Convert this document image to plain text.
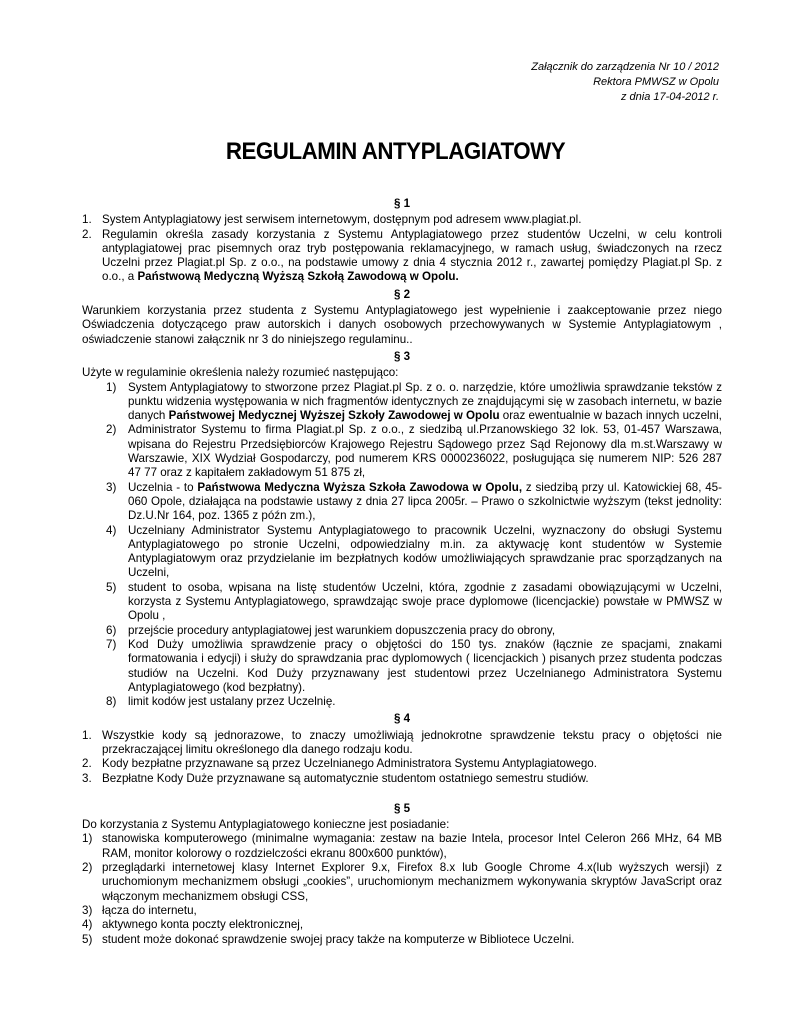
Załącznik do zarządzenia Nr 10 / 2012
Rektora PMWSZ w Opolu
z dnia 17-04-2012 r.
REGULAMIN ANTYPLAGIATOWY

§ 1

1. System Antyplagiatowy jest serwisem internetowym, dostępnym pod adresem www.plagiat.pl.
2. Regulamin określa zasady korzystania z Systemu Antyplagiatowego przez studentów Uczelni, w celu kontroli antyplagiatowej prac pisemnych oraz tryb postępowania reklamacyjnego, w ramach usług, świadczonych na rzecz Uczelni przez Plagiat.pl Sp. z o.o., na podstawie umowy z dnia 4 stycznia 2012 r., zawartej pomiędzy Plagiat.pl Sp. z o.o., a Państwową Medyczną Wyższą Szkołą Zawodową w Opolu.

§ 2

Warunkiem korzystania przez studenta z Systemu Antyplagiatowego jest wypełnienie i zaakceptowanie przez niego Oświadczenia dotyczącego praw autorskich i danych osobowych przechowywanych w Systemie Antyplagiatowym , oświadczenie stanowi załącznik nr 3 do niniejszego regulaminu..

§ 3

Użyte w regulaminie określenia należy rozumieć następująco:

1) System Antyplagiatowy to stworzone przez Plagiat.pl Sp. z o. o. narzędzie, które umożliwia sprawdzanie tekstów z punktu widzenia występowania w nich fragmentów identycznych ze znajdującymi się w zasobach internetu, w bazie danych Państwowej Medycznej Wyższej Szkoły Zawodowej w Opolu oraz ewentualnie w bazach innych uczelni,
2) Administrator Systemu to firma Plagiat.pl Sp. z o.o., z siedzibą ul.Przanowskiego 32 lok. 53, 01-457 Warszawa, wpisana do Rejestru Przedsiębiorców Krajowego Rejestru Sądowego przez Sąd Rejonowy dla m.st.Warszawy w Warszawie, XIX Wydział Gospodarczy, pod numerem KRS 0000236022, posługująca się numerem NIP: 526 287 47 77 oraz z kapitałem zakładowym 51 875 zł,
3) Uczelnia - to Państwowa Medyczna Wyższa Szkoła Zawodowa w Opolu, z siedzibą przy ul. Katowickiej 68, 45-060 Opole, działająca na podstawie ustawy z dnia 27 lipca 2005r. – Prawo o szkolnictwie wyższym (tekst jednolity: Dz.U.Nr 164, poz. 1365 z późn zm.),
4) Uczelniany Administrator Systemu Antyplagiatowego to pracownik Uczelni, wyznaczony do obsługi Systemu Antyplagiatowego po stronie Uczelni, odpowiedzialny m.in. za aktywację kont studentów w Systemie Antyplagiatowym oraz przydzielanie im bezpłatnych kodów umożliwiających sprawdzanie prac sporządzanych na Uczelni,
5) student to osoba, wpisana na listę studentów Uczelni, która, zgodnie z zasadami obowiązującymi w Uczelni, korzysta z Systemu Antyplagiatowego, sprawdzając swoje prace dyplomowe (licencjackie) powstałe w PMWSZ w Opolu ,
6) przejście procedury antyplagiatowej jest warunkiem dopuszczenia pracy do obrony,
7) Kod Duży umożliwia sprawdzenie pracy o objętości do 150 tys. znaków (łącznie ze spacjami, znakami formatowania i edycji) i służy do sprawdzania prac dyplomowych ( licencjackich ) pisanych przez studenta podczas studiów na Uczelni. Kod Duży przyznawany jest studentowi przez Uczelnianego Administratora Systemu Antyplagiatowego (kod bezpłatny).
8) limit kodów jest ustalany przez Uczelnię.

§ 4

1. Wszystkie kody są jednorazowe, to znaczy umożliwiają jednokrotne sprawdzenie tekstu pracy o objętości nie przekraczającej limitu określonego dla danego rodzaju kodu.
2. Kody bezpłatne przyznawane są przez Uczelnianego Administratora Systemu Antyplagiatowego.
3. Bezpłatne Kody Duże przyznawane są automatycznie studentom ostatniego semestru studiów.

§ 5

Do korzystania z Systemu Antyplagiatowego konieczne jest posiadanie:

1) stanowiska komputerowego (minimalne wymagania: zestaw na bazie Intela, procesor Intel Celeron 266 MHz, 64 MB RAM, monitor kolorowy o rozdzielczości ekranu 800x600 punktów),
2) przeglądarki internetowej klasy Internet Explorer 9.x, Firefox 8.x lub Google Chrome 4.x(lub wyższych wersji) z uruchomionym mechanizmem obsługi „cookies”, uruchomionym mechanizmem wykonywania skryptów JavaScript oraz włączonym mechanizmem obsługi CSS,
3) łącza do internetu,
4) aktywnego konta poczty elektronicznej,
5) student może dokonać sprawdzenie swojej pracy także na komputerze w Bibliotece Uczelni.
